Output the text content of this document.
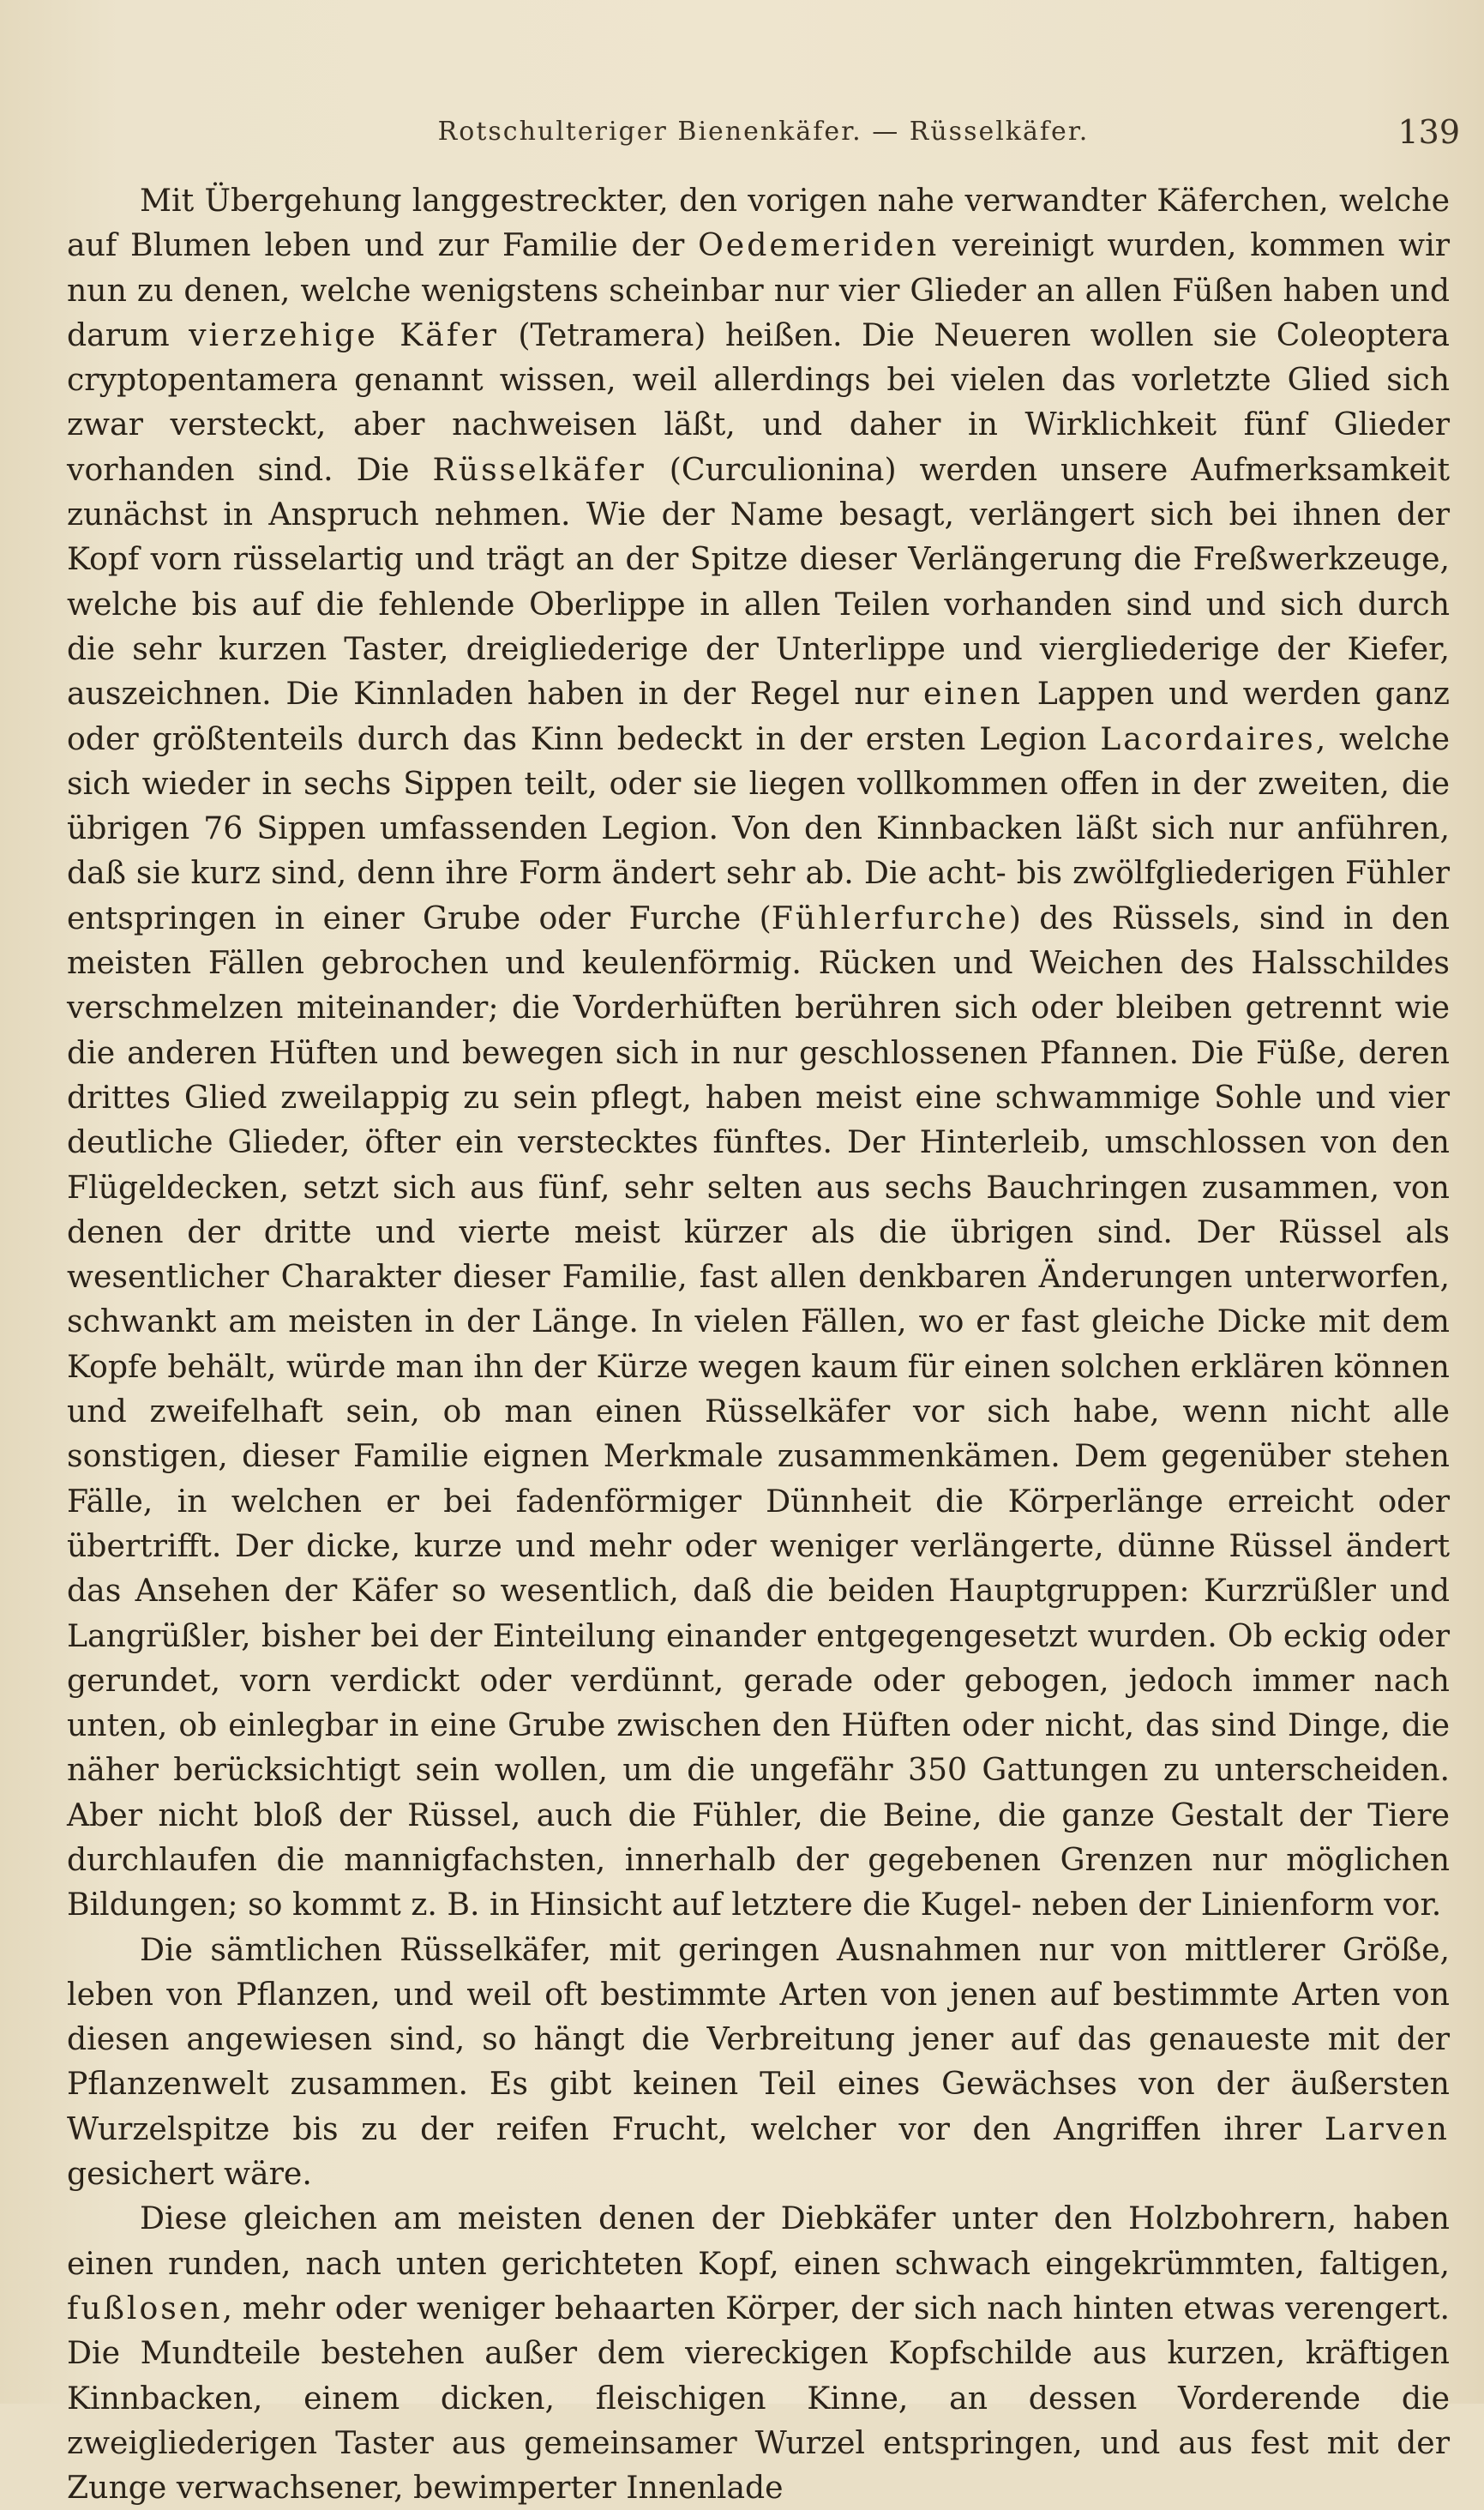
Rotschulteriger Bienenkäfer. — Rüsselkäfer.	139

Mit Übergehung langgestreckter, den vorigen nahe verwandter Käferchen, welche auf Blumen leben und zur Familie der Oedemeriden vereinigt wurden, kommen wir nun zu denen, welche wenigstens scheinbar nur vier Glieder an allen Füßen haben und darum vierzehige Käfer (Tetramera) heißen. Die Neueren wollen sie Coleoptera cryptopentamera genannt wissen, weil allerdings bei vielen das vorletzte Glied sich zwar versteckt, aber nachweisen läßt, und daher in Wirklichkeit fünf Glieder vorhanden sind. Die Rüsselkäfer (Curculionina) werden unsere Aufmerksamkeit zunächst in Anspruch nehmen. Wie der Name besagt, verlängert sich bei ihnen der Kopf vorn rüsselartig und trägt an der Spitze dieser Verlängerung die Freßwerkzeuge, welche bis auf die fehlende Oberlippe in allen Teilen vorhanden sind und sich durch die sehr kurzen Taster, dreigliederige der Unterlippe und viergliederige der Kiefer, auszeichnen. Die Kinnladen haben in der Regel nur einen Lappen und werden ganz oder größtenteils durch das Kinn bedeckt in der ersten Legion Lacordaires, welche sich wieder in sechs Sippen teilt, oder sie liegen vollkommen offen in der zweiten, die übrigen 76 Sippen umfassenden Legion. Von den Kinnbacken läßt sich nur anführen, daß sie kurz sind, denn ihre Form ändert sehr ab. Die acht- bis zwölfgliederigen Fühler entspringen in einer Grube oder Furche (Fühlerfurche) des Rüssels, sind in den meisten Fällen gebrochen und keulenförmig. Rücken und Weichen des Halsschildes verschmelzen miteinander; die Vorderhüften berühren sich oder bleiben getrennt wie die anderen Hüften und bewegen sich in nur geschlossenen Pfannen. Die Füße, deren drittes Glied zweilappig zu sein pflegt, haben meist eine schwammige Sohle und vier deutliche Glieder, öfter ein verstecktes fünftes. Der Hinterleib, umschlossen von den Flügeldecken, setzt sich aus fünf, sehr selten aus sechs Bauchringen zusammen, von denen der dritte und vierte meist kürzer als die übrigen sind. Der Rüssel als wesentlicher Charakter dieser Familie, fast allen denkbaren Änderungen unterworfen, schwankt am meisten in der Länge. In vielen Fällen, wo er fast gleiche Dicke mit dem Kopfe behält, würde man ihn der Kürze wegen kaum für einen solchen erklären können und zweifelhaft sein, ob man einen Rüsselkäfer vor sich habe, wenn nicht alle sonstigen, dieser Familie eignen Merkmale zusammenkämen. Dem gegenüber stehen Fälle, in welchen er bei fadenförmiger Dünnheit die Körperlänge erreicht oder übertrifft. Der dicke, kurze und mehr oder weniger verlängerte, dünne Rüssel ändert das Ansehen der Käfer so wesentlich, daß die beiden Hauptgruppen: Kurzrüßler und Langrüßler, bisher bei der Einteilung einander entgegengesetzt wurden. Ob eckig oder gerundet, vorn verdickt oder verdünnt, gerade oder gebogen, jedoch immer nach unten, ob einlegbar in eine Grube zwischen den Hüften oder nicht, das sind Dinge, die näher berücksichtigt sein wollen, um die ungefähr 350 Gattungen zu unterscheiden. Aber nicht bloß der Rüssel, auch die Fühler, die Beine, die ganze Gestalt der Tiere durchlaufen die mannigfachsten, innerhalb der gegebenen Grenzen nur möglichen Bildungen; so kommt z. B. in Hinsicht auf letztere die Kugel- neben der Linienform vor.

Die sämtlichen Rüsselkäfer, mit geringen Ausnahmen nur von mittlerer Größe, leben von Pflanzen, und weil oft bestimmte Arten von jenen auf bestimmte Arten von diesen angewiesen sind, so hängt die Verbreitung jener auf das genaueste mit der Pflanzenwelt zusammen. Es gibt keinen Teil eines Gewächses von der äußersten Wurzelspitze bis zu der reifen Frucht, welcher vor den Angriffen ihrer Larven gesichert wäre.

Diese gleichen am meisten denen der Diebkäfer unter den Holzbohrern, haben einen runden, nach unten gerichteten Kopf, einen schwach eingekrümmten, faltigen, fußlosen, mehr oder weniger behaarten Körper, der sich nach hinten etwas verengert. Die Mundteile bestehen außer dem viereckigen Kopfschilde aus kurzen, kräftigen Kinnbacken, einem dicken, fleischigen Kinne, an dessen Vorderende die zweigliederigen Taster aus gemeinsamer Wurzel entspringen, und aus fest mit der Zunge verwachsener, bewimperter Innenlade
